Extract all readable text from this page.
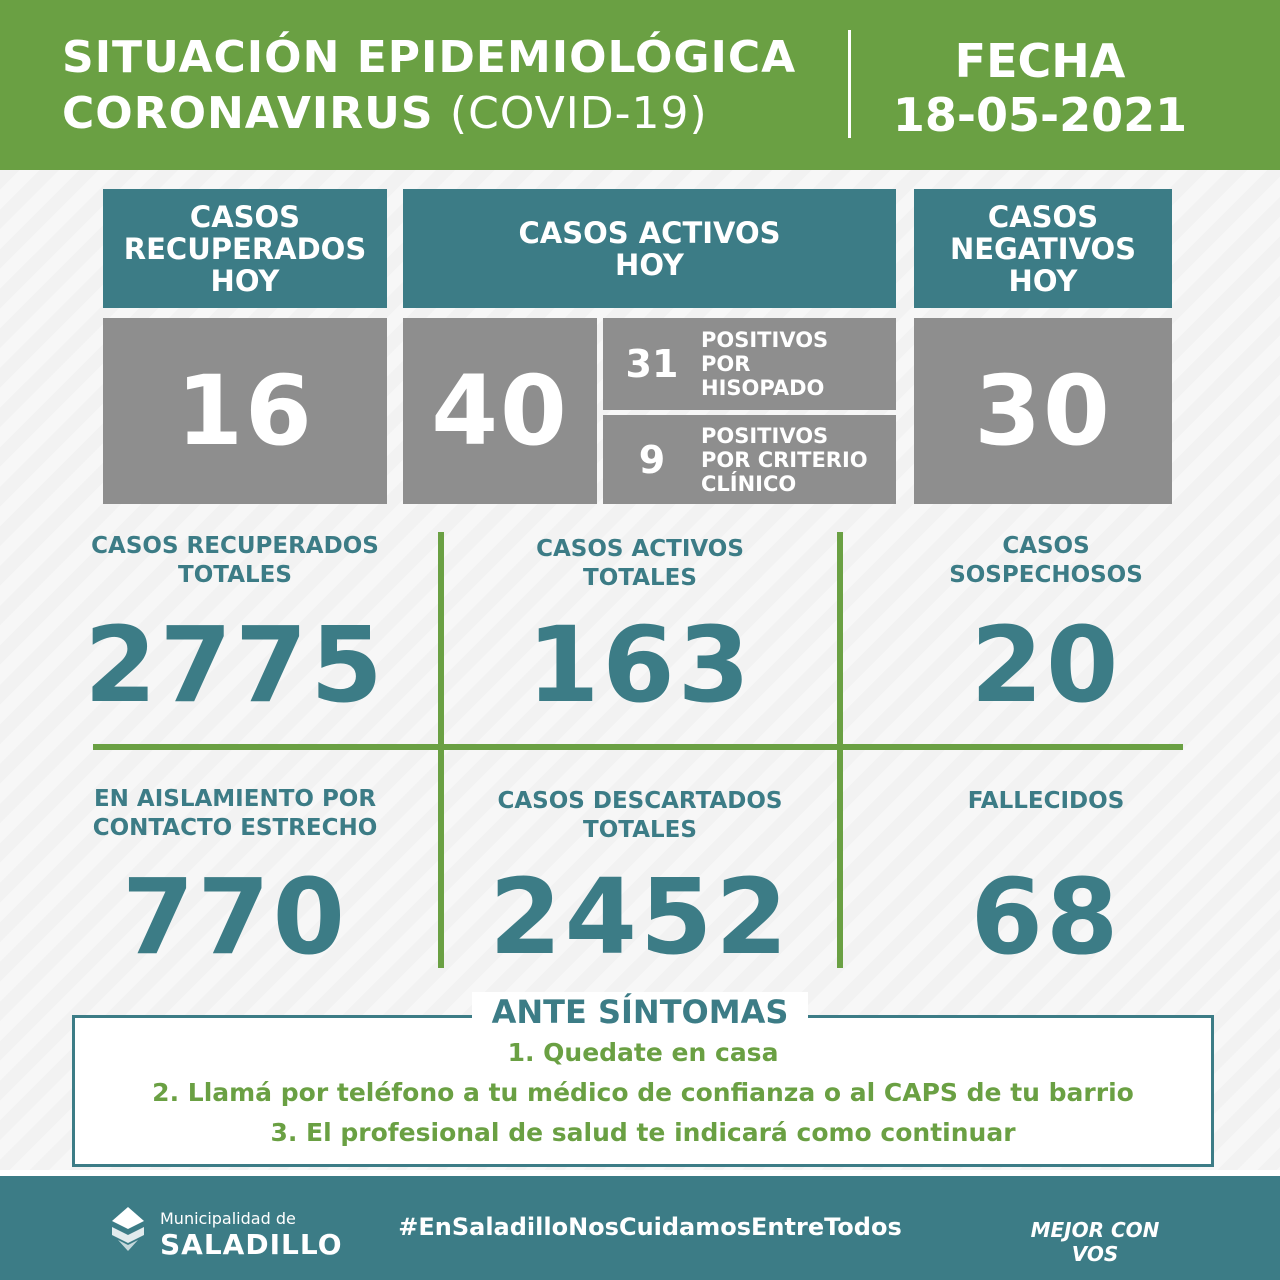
SITUACIÓN EPIDEMIOLÓGICA
CORONAVIRUS (COVID-19)
FECHA
18-05-2021
CASOS
RECUPERADOS
HOY
16
CASOS ACTIVOS
HOY
40	31
POSITIVOS
POR
HISOPADO
9
POSITIVOS
POR CRITERIO
CLÍNICO
CASOS
NEGATIVOS
HOY
30
CASOS RECUPERADOS
TOTALES
2775
CASOS ACTIVOS
TOTALES
163
CASOS
SOSPECHOSOS
20
EN AISLAMIENTO POR
CONTACTO ESTRECHO
770
CASOS DESCARTADOS
TOTALES
2452
FALLECIDOS
68
ANTE SÍNTOMAS
1. Quedate en casa
2. Llamá por teléfono a tu médico de confianza o al CAPS de tu barrio
3. El profesional de salud te indicará como continuar
Municipalidad de
SALADILLO
#EnSaladilloNosCuidamosEntreTodos	MEJOR CON VOS
